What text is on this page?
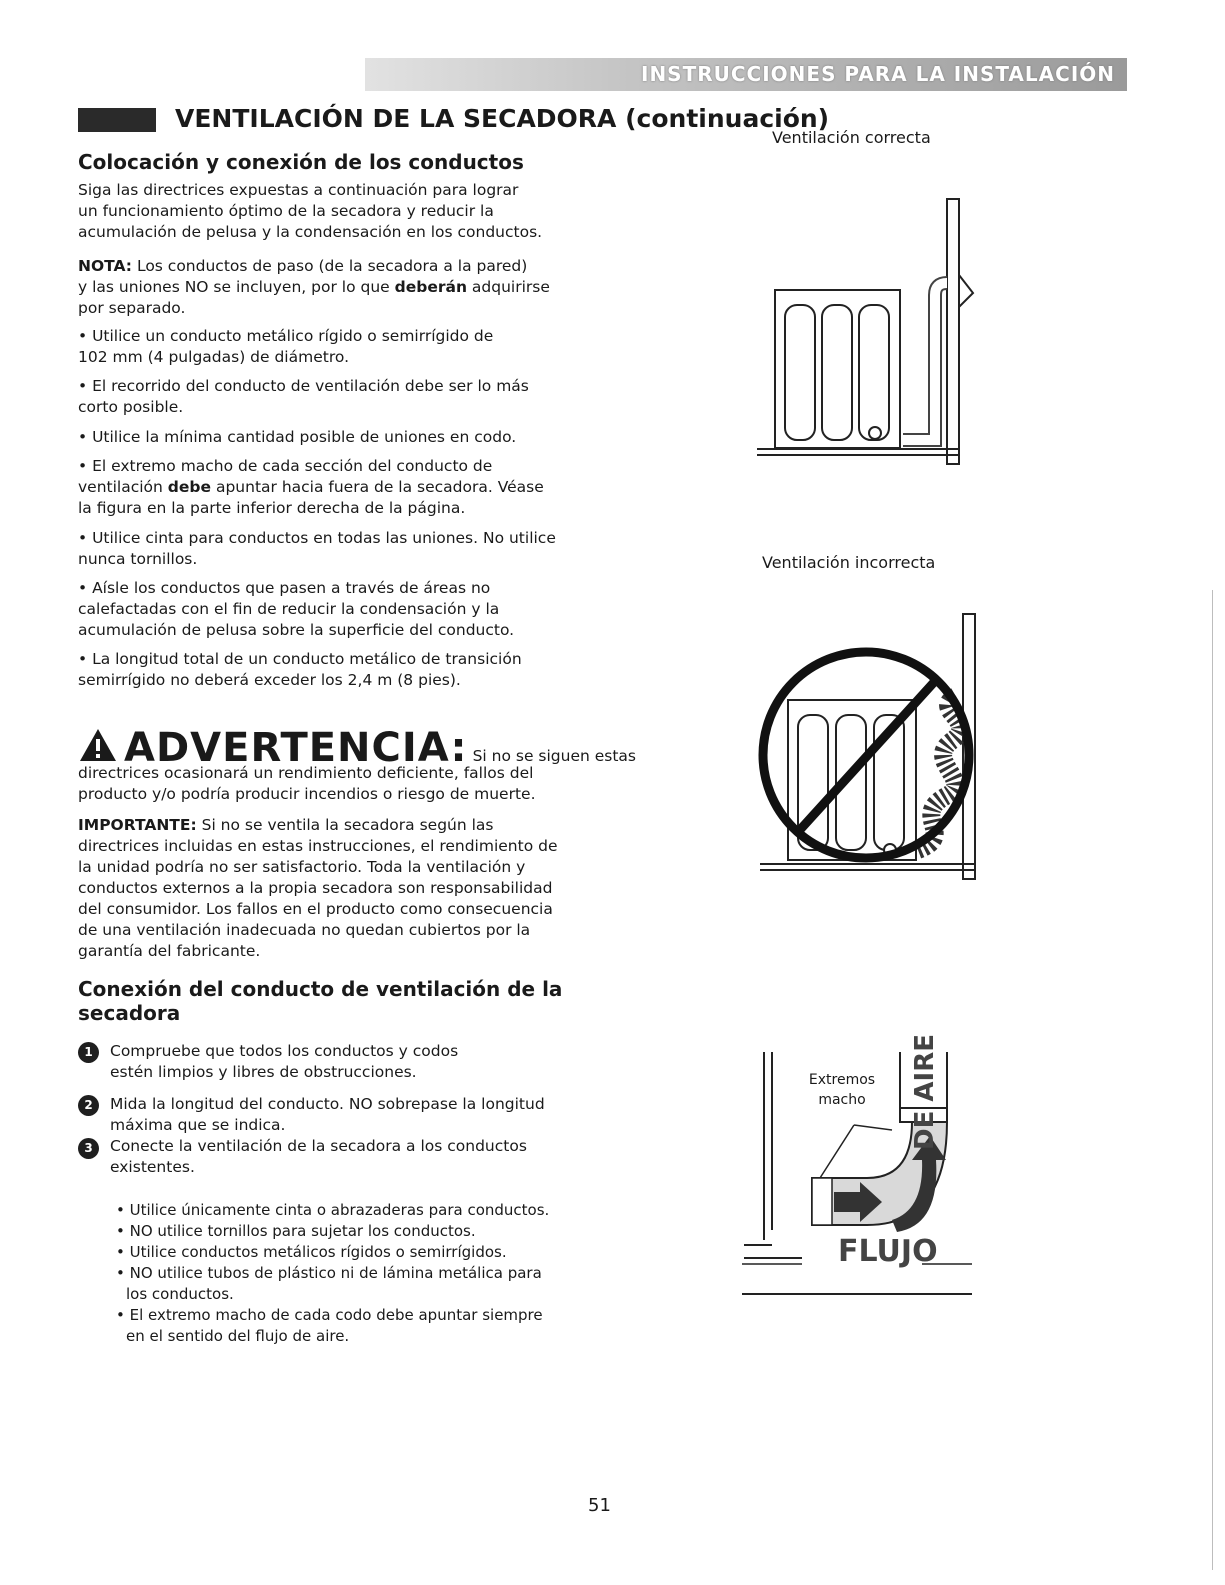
INSTRUCCIONES PARA LA INSTALACIÓN
VENTILACIÓN DE LA SECADORA (continuación)
Colocación y conexión de los conductos
Siga las directrices expuestas a continuación para lograr
un funcionamiento óptimo de la secadora y reducir la
acumulación de pelusa y la condensación en los conductos.
NOTA: Los conductos de paso (de la secadora a la pared)
y las uniones NO se incluyen, por lo que deberán adquirirse
por separado.
• Utilice un conducto metálico rígido o semirrígido de
102 mm (4 pulgadas) de diámetro.
• El recorrido del conducto de ventilación debe ser lo más
corto posible.
• Utilice la mínima cantidad posible de uniones en codo.
• El extremo macho de cada sección del conducto de
ventilación debe apuntar hacia fuera de la secadora. Véase
la figura en la parte inferior derecha de la página.
• Utilice cinta para conductos en todas las uniones. No utilice
nunca tornillos.
• Aísle los conductos que pasen a través de áreas no
calefactadas con el fin de reducir la condensación y la
acumulación de pelusa sobre la superficie del conducto.
• La longitud total de un conducto metálico de transición
semirrígido no deberá exceder los 2,4 m (8 pies).
ADVERTENCIA: Si no se siguen estas
directrices ocasionará un rendimiento deficiente, fallos del
producto y/o podría producir incendios o riesgo de muerte.
IMPORTANTE: Si no se ventila la secadora según las
directrices incluidas en estas instrucciones, el rendimiento de
la unidad podría no ser satisfactorio. Toda la ventilación y
conductos externos a la propia secadora son responsabilidad
del consumidor. Los fallos en el producto como consecuencia
de una ventilación inadecuada no quedan cubiertos por la
garantía del fabricante.
Conexión del conducto de ventilación de la
secadora
1	Compruebe que todos los conductos y codos
estén limpios y libres de obstrucciones.
2	Mida la longitud del conducto. NO sobrepase la longitud
máxima que se indica.
3	Conecte la ventilación de la secadora a los conductos
existentes.
• Utilice únicamente cinta o abrazaderas para conductos.
• NO utilice tornillos para sujetar los conductos.
• Utilice conductos metálicos rígidos o semirrígidos.
• NO utilice tubos de plástico ni de lámina metálica para
los conductos.
• El extremo macho de cada codo debe apuntar siempre
en el sentido del flujo de aire.
Ventilación correcta
Ventilación incorrecta
Extremos
macho
FLUJO
DE AIRE
51
